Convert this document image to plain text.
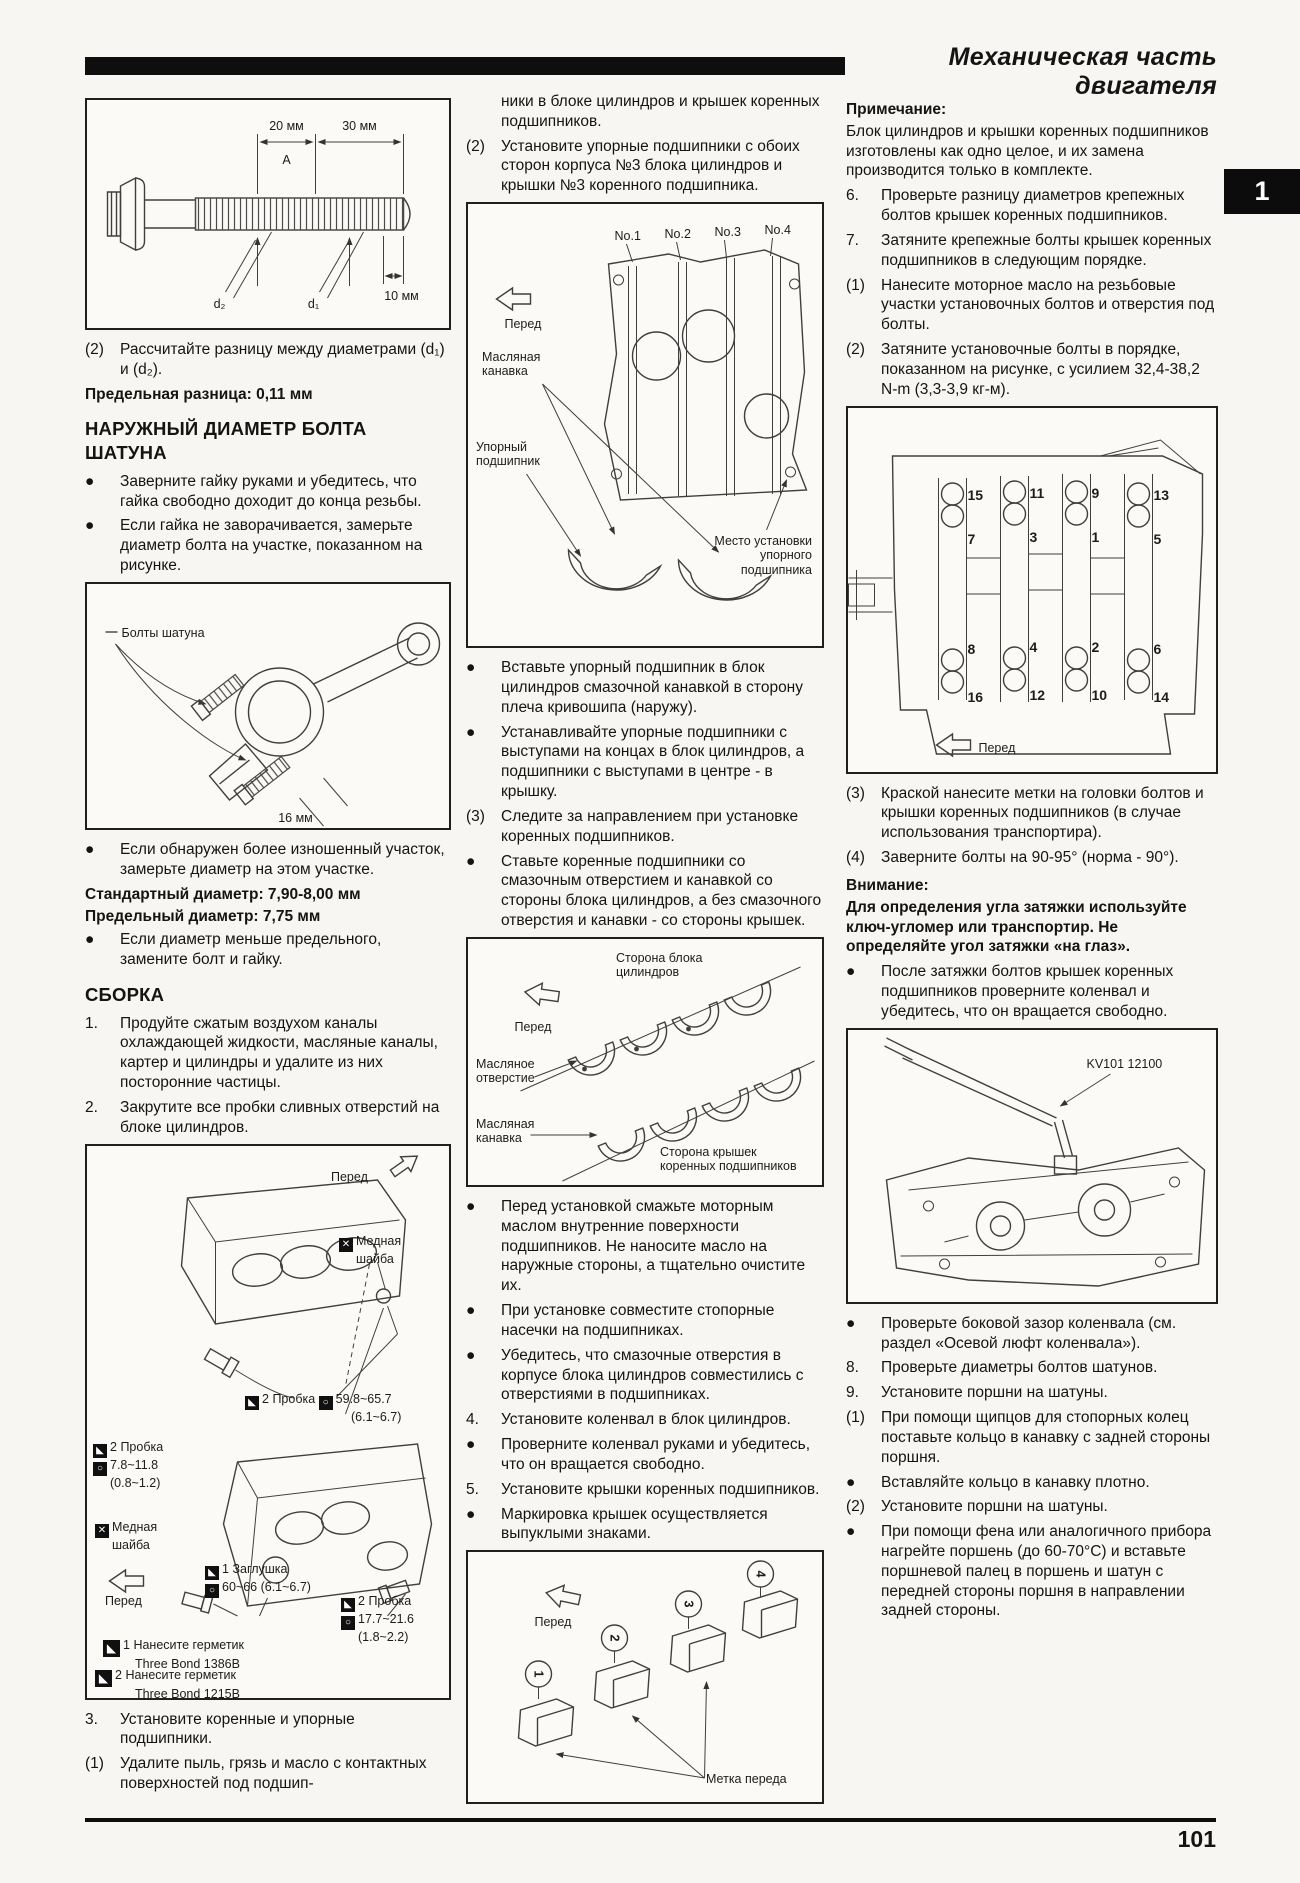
Механическая часть двигателя
1
20 мм	30 мм
A
d₂	d₁
10 мм
(2)	Рассчитайте разницу между диаметрами (d₁) и (d₂).
Предельная разница: 0,11 мм
НАРУЖНЫЙ ДИАМЕТР БОЛТА ШАТУНА
●	Заверните гайку руками и убедитесь, что гайка свободно доходит до конца резьбы.
●	Если гайка не заворачивается, замерьте диаметр болта на участке, показанном на рисунке.
Болты шатуна
16 мм
●	Если обнаружен более изношенный участок, замерьте диаметр на этом участке.
Стандартный диаметр: 7,90-8,00 мм
Предельный диаметр: 7,75 мм
●	Если диаметр меньше предельного, замените болт и гайку.
СБОРКА
1.	Продуйте сжатым воздухом каналы охлаждающей жидкости, масляные каналы, картер и цилиндры и удалите из них посторонние частицы.
2.	Закрутите все пробки сливных отверстий на блоке цилиндров.
Перед
✕Медная
шайба
◣2 Пробка ○ 59.8~65.7
(6.1~6.7)
◣2 Пробка
○7.8~11.8
(0.8~1.2)
✕Медная
шайба
Перед
◣1 Заглушка
○60~66 (6.1~6.7)
◣2 Пробка
○17.7~21.6
(1.8~2.2)
◣1 Нанесите герметик
Three Bond 1386B
◣2 Нанесите герметик
Three Bond 1215B
3.	Установите коренные и упорные подшипники.
(1)	Удалите пыль, грязь и масло с контактных поверхностей под подшип-
ники в блоке цилиндров и крышек коренных подшипников.
(2)	Установите упорные подшипники с обоих сторон корпуса №3 блока цилиндров и крышки №3 коренного подшипника.
Перед
No.1 No.2 No.3 No.4
Масляная
канавка
Упорный
подшипник
Место установки
упорного
подшипника
●	Вставьте упорный подшипник в блок цилиндров смазочной канавкой в сторону плеча кривошипа (наружу).
●	Устанавливайте упорные подшипники с выступами на концах в блок цилиндров, а подшипники с выступами в центре - в крышку.
(3)	Следите за направлением при установке коренных подшипников.
●	Ставьте коренные подшипники со смазочным отверстием и канавкой со стороны блока цилиндров, а без смазочного отверстия и канавки - со стороны крышек.
Перед
Сторона блока
цилиндров
Масляное
отверстие
Масляная
канавка
Сторона крышек
коренных подшипников
●	Перед установкой смажьте моторным маслом внутренние поверхности подшипников. Не наносите масло на наружные стороны, а тщательно очистите их.
●	При установке совместите стопорные насечки на подшипниках.
●	Убедитесь, что смазочные отверстия в корпусе блока цилиндров совместились с отверстиями в подшипниках.
4.	Установите коленвал в блок цилиндров.
●	Проверните коленвал руками и убедитесь, что он вращается свободно.
5.	Установите крышки коренных подшипников.
●	Маркировка крышек осуществляется выпуклыми знаками.
Перед
1
2
3
4
Метка переда
Примечание:
Блок цилиндров и крышки коренных подшипников изготовлены как одно целое, и их замена производится только в комплекте.
6.	Проверьте разницу диаметров крепежных болтов крышек коренных подшипников.
7.	Затяните крепежные болты крышек коренных подшипников в следующим порядке.
(1)	Нанесите моторное масло на резьбовые участки установочных болтов и отверстия под болты.
(2)	Затяните установочные болты в порядке, показанном на рисунке, с усилием 32,4-38,2 N-m (3,3-3,9 кг-м).
15
7
8
16
11
3
4
12
9
1
2
10
13
5
6
14
Перед
(3)	Краской нанесите метки на головки болтов и крышки коренных подшипников (в случае использования транспортира).
(4)	Заверните болты на 90-95° (норма - 90°).
Внимание:
Для определения угла затяжки используйте ключ-угломер или транспортир. Не определяйте угол затяжки «на глаз».
●	После затяжки болтов крышек коренных подшипников проверните коленвал и убедитесь, что он вращается свободно.
KV101 12100
●	Проверьте боковой зазор коленвала (см. раздел «Осевой люфт коленвала»).
8.	Проверьте диаметры болтов шатунов.
9.	Установите поршни на шатуны.
(1)	При помощи щипцов для стопорных колец поставьте кольцо в канавку с задней стороны поршня.
●	Вставляйте кольцо в канавку плотно.
(2)	Установите поршни на шатуны.
●	При помощи фена или аналогичного прибора нагрейте поршень (до 60-70°C) и вставьте поршневой палец в поршень и шатун с передней стороны поршня в направлении задней стороны.
101
